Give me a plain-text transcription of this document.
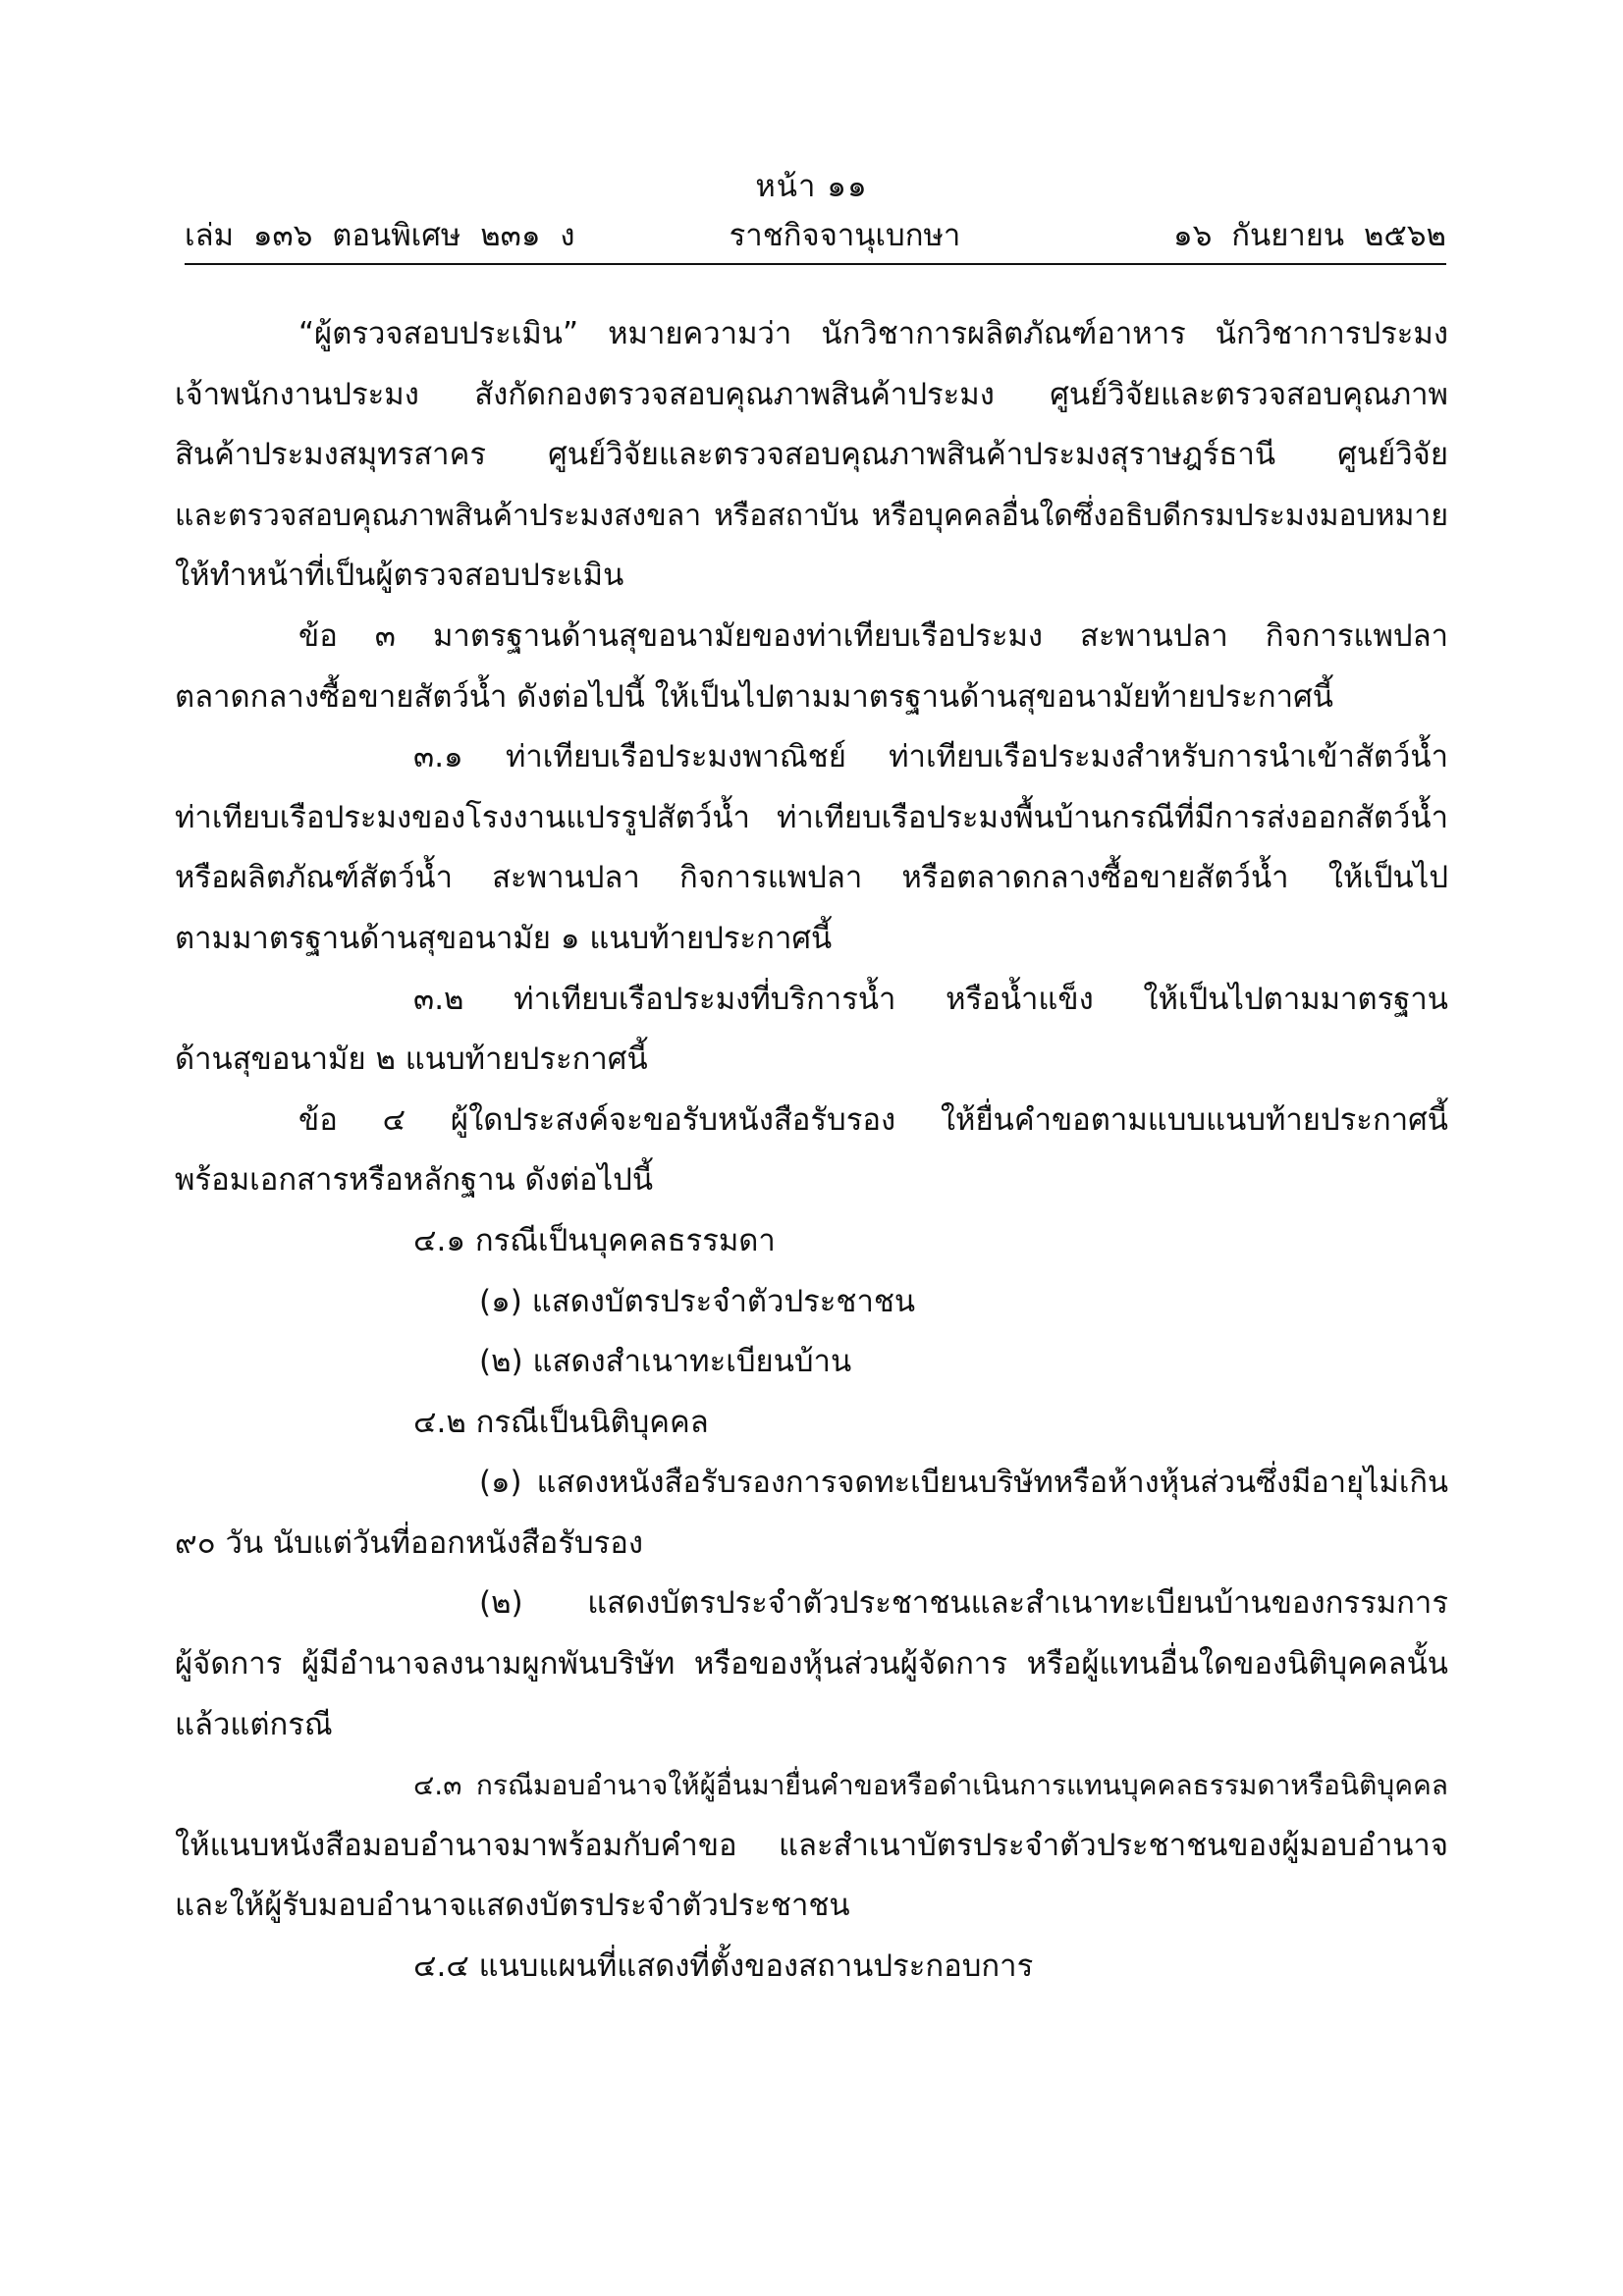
หน้า ๑๑
เล่ม ๑๓๖ ตอนพิเศษ ๒๓๑ ง	ราชกิจจานุเบกษา	๑๖ กันยายน ๒๕๖๒
“ผู้ตรวจสอบประเมิน” หมายความว่า นักวิชาการผลิตภัณฑ์อาหาร นักวิชาการประมง
เจ้าพนักงานประมง สังกัดกองตรวจสอบคุณภาพสินค้าประมง ศูนย์วิจัยและตรวจสอบคุณภาพ
สินค้าประมงสมุทรสาคร ศูนย์วิจัยและตรวจสอบคุณภาพสินค้าประมงสุราษฎร์ธานี ศูนย์วิจัย
และตรวจสอบคุณภาพสินค้าประมงสงขลา หรือสถาบัน หรือบุคคลอื่นใดซึ่งอธิบดีกรมประมงมอบหมาย
ให้ทำหน้าที่เป็นผู้ตรวจสอบประเมิน
ข้อ ๓ มาตรฐานด้านสุขอนามัยของท่าเทียบเรือประมง สะพานปลา กิจการแพปลา
ตลาดกลางซื้อขายสัตว์น้ำ ดังต่อไปนี้ ให้เป็นไปตามมาตรฐานด้านสุขอนามัยท้ายประกาศนี้
๓.๑ ท่าเทียบเรือประมงพาณิชย์ ท่าเทียบเรือประมงสำหรับการนำเข้าสัตว์น้ำ
ท่าเทียบเรือประมงของโรงงานแปรรูปสัตว์น้ำ ท่าเทียบเรือประมงพื้นบ้านกรณีที่มีการส่งออกสัตว์น้ำ
หรือผลิตภัณฑ์สัตว์น้ำ สะพานปลา กิจการแพปลา หรือตลาดกลางซื้อขายสัตว์น้ำ ให้เป็นไป
ตามมาตรฐานด้านสุขอนามัย ๑ แนบท้ายประกาศนี้
๓.๒ ท่าเทียบเรือประมงที่บริการน้ำ หรือน้ำแข็ง ให้เป็นไปตามมาตรฐาน
ด้านสุขอนามัย ๒ แนบท้ายประกาศนี้
ข้อ ๔ ผู้ใดประสงค์จะขอรับหนังสือรับรอง ให้ยื่นคำขอตามแบบแนบท้ายประกาศนี้
พร้อมเอกสารหรือหลักฐาน ดังต่อไปนี้
๔.๑ กรณีเป็นบุคคลธรรมดา
(๑) แสดงบัตรประจำตัวประชาชน
(๒) แสดงสำเนาทะเบียนบ้าน
๔.๒ กรณีเป็นนิติบุคคล
(๑) แสดงหนังสือรับรองการจดทะเบียนบริษัทหรือห้างหุ้นส่วนซึ่งมีอายุไม่เกิน
๙๐ วัน นับแต่วันที่ออกหนังสือรับรอง
(๒) แสดงบัตรประจำตัวประชาชนและสำเนาทะเบียนบ้านของกรรมการ
ผู้จัดการ ผู้มีอำนาจลงนามผูกพันบริษัท หรือของหุ้นส่วนผู้จัดการ หรือผู้แทนอื่นใดของนิติบุคคลนั้น
แล้วแต่กรณี
๔.๓ กรณีมอบอำนาจให้ผู้อื่นมายื่นคำขอหรือดำเนินการแทนบุคคลธรรมดาหรือนิติบุคคล
ให้แนบหนังสือมอบอำนาจมาพร้อมกับคำขอ และสำเนาบัตรประจำตัวประชาชนของผู้มอบอำนาจ
และให้ผู้รับมอบอำนาจแสดงบัตรประจำตัวประชาชน
๔.๔ แนบแผนที่แสดงที่ตั้งของสถานประกอบการ
